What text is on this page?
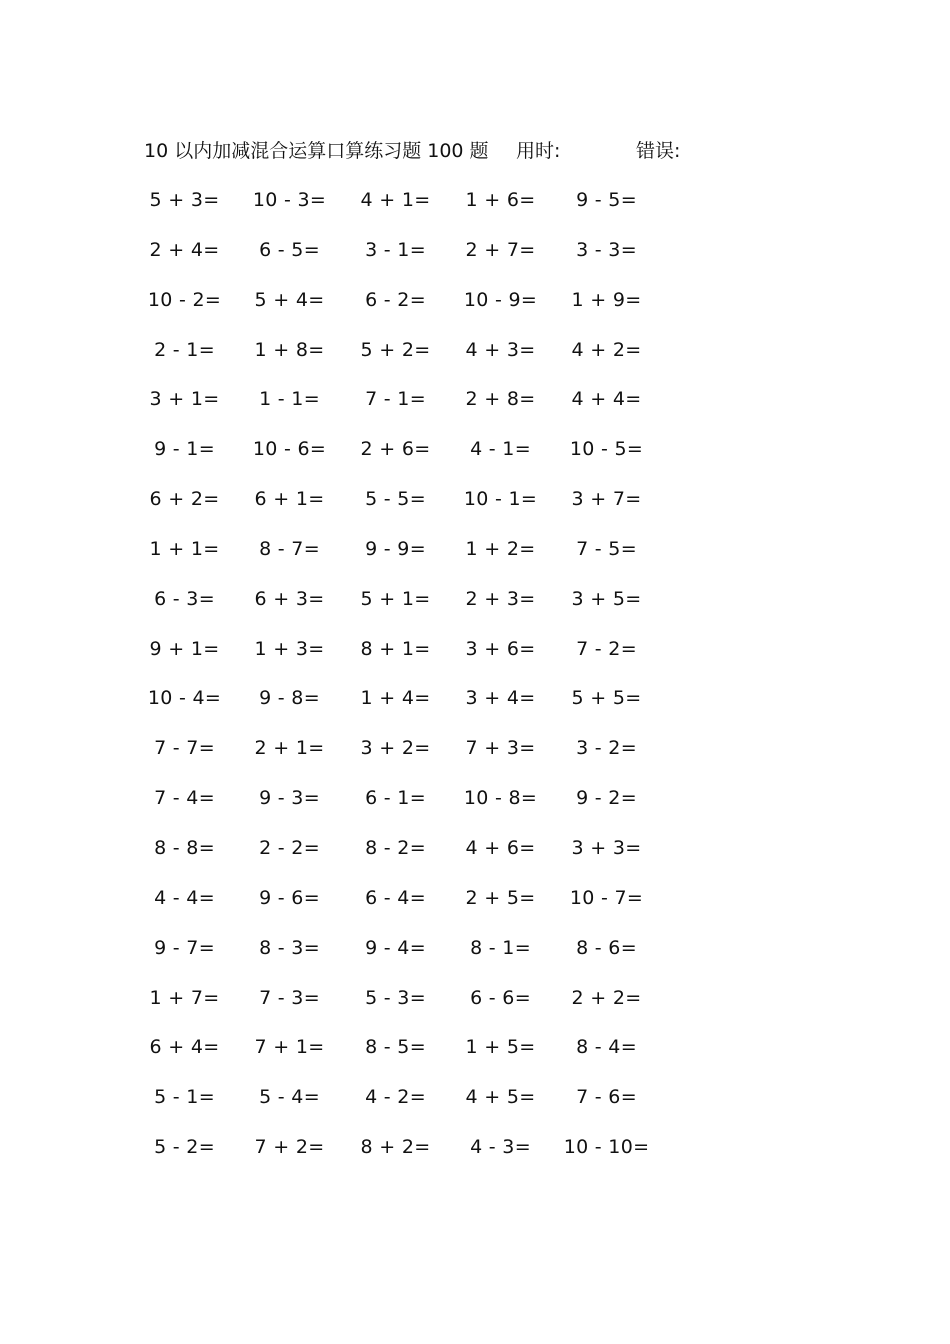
10 以内加减混合运算口算练习题 100 题 用时:	错误:
5 + 3=	10 - 3=	4 + 1=	1 + 6=	9 - 5=
2 + 4=	6 - 5=	3 - 1=	2 + 7=	3 - 3=
10 - 2=	5 + 4=	6 - 2=	10 - 9=	1 + 9=
2 - 1=	1 + 8=	5 + 2=	4 + 3=	4 + 2=
3 + 1=	1 - 1=	7 - 1=	2 + 8=	4 + 4=
9 - 1=	10 - 6=	2 + 6=	4 - 1=	10 - 5=
6 + 2=	6 + 1=	5 - 5=	10 - 1=	3 + 7=
1 + 1=	8 - 7=	9 - 9=	1 + 2=	7 - 5=
6 - 3=	6 + 3=	5 + 1=	2 + 3=	3 + 5=
9 + 1=	1 + 3=	8 + 1=	3 + 6=	7 - 2=
10 - 4=	9 - 8=	1 + 4=	3 + 4=	5 + 5=
7 - 7=	2 + 1=	3 + 2=	7 + 3=	3 - 2=
7 - 4=	9 - 3=	6 - 1=	10 - 8=	9 - 2=
8 - 8=	2 - 2=	8 - 2=	4 + 6=	3 + 3=
4 - 4=	9 - 6=	6 - 4=	2 + 5=	10 - 7=
9 - 7=	8 - 3=	9 - 4=	8 - 1=	8 - 6=
1 + 7=	7 - 3=	5 - 3=	6 - 6=	2 + 2=
6 + 4=	7 + 1=	8 - 5=	1 + 5=	8 - 4=
5 - 1=	5 - 4=	4 - 2=	4 + 5=	7 - 6=
5 - 2=	7 + 2=	8 + 2=	4 - 3=	10 - 10=
